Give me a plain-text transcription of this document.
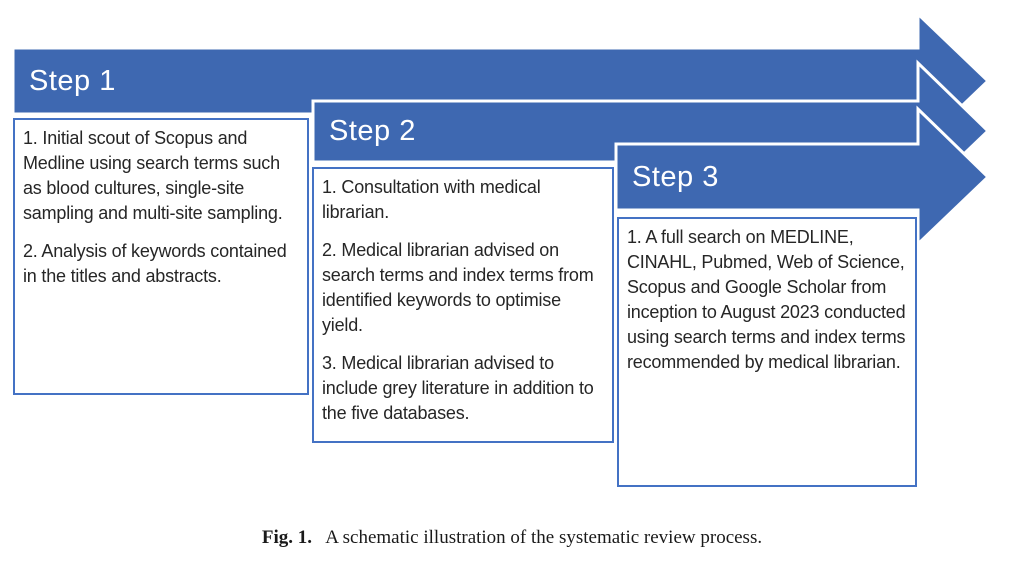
Step 1
Step 2
Step 3

1. Initial scout of Scopus and Medline using search terms such as blood cultures, single-site sampling and multi-site sampling.

2. Analysis of keywords contained in the titles and abstracts.

1. Consultation with medical librarian.

2. Medical librarian advised on search terms and index terms from identified keywords to optimise yield.

3. Medical librarian advised to include grey literature in addition to the five databases.

1. A full search on MEDLINE, CINAHL, Pubmed, Web of Science, Scopus and Google Scholar from inception to August 2023 conducted using search terms and index terms recommended by medical librarian.

Fig. 1.   A schematic illustration of the systematic review process.
